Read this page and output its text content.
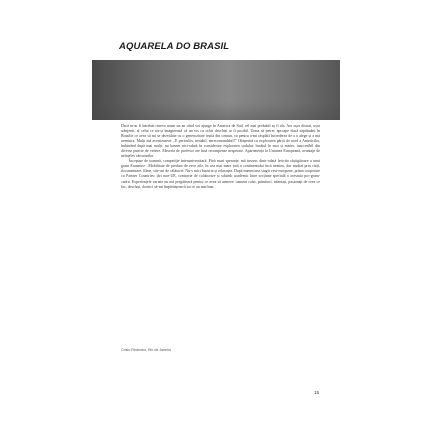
AQUARELA DO BRASIL

Dacă m-ar fi întrebat cineva acum un an când voi ajunge în America de Sud, cel mai probabil aș fi râs. Aer ușor distrat, ușor stânjenit, al celui ce nu-și imaginează că un vis cu ochii deschiși ar fi posibil. Urma să petrec aproape două săptămâni în Brazilie ce avea să mi se dezvăluie cu o generozitate ieșită din comun, ca pentru a-mi răsplăti încrederea de a o alege și a mă aventura. Mulți mă avertizaseră: „E periculos, instabil, nerecomandabil!” Obișnuită cu explorarea părții de nord a Americilor, îmbinând după mai mulți, nu hasem nici-odată în considerare explorarea sudului: învățul în mot și mister, inaccesibil din diverse puncte de vedere. Meseria de profesor are însă recompense nesperate. Apartenența la Uniunea Europeană, avantaje de neînțeles cărturarilor.

Începuse de toamnă, competiție interuniversitară. Fără mari speranțe, mă trezesc dintr-odată fericita câștigătoare a unui grant Erasmus+. Mobilitate de predare de zece zile, în cea mai mare țară a continentului încă neatins, dar studiat prin cărți, documentare, filme, site-uri de călătorie. Nu-s mici bucuria și relaxațea. După numeroase stagii vest-europene, prima cooperare cu Partner Countries: țări non-UE, contracte de colaborare și schimb academic între secțiune specială a acestuia pro-gram-cadru. Experiențele variate nu mă pregătiseră pentru ce avea să urmeze: oameni calzi, primitori, talentați, pasionați de ceea ce fac, deschiși, dornici să-mi împărtășească tot ce au mai bun.

Cristo Redentor, Rio de Janeiro
15
